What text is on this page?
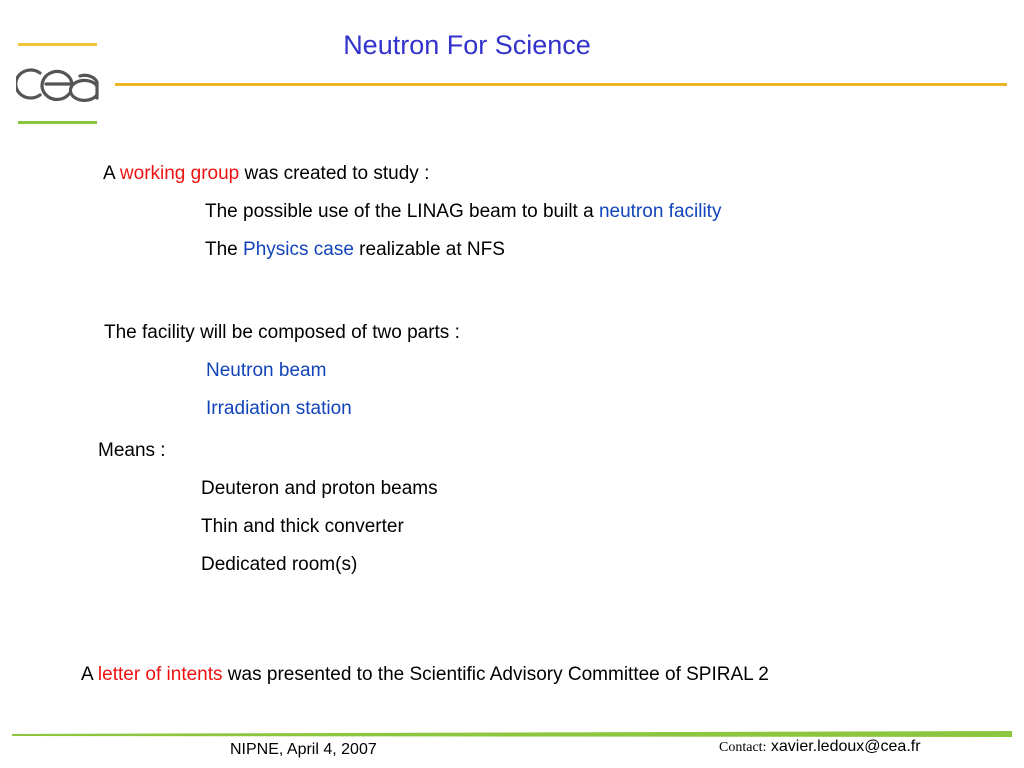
Neutron For Science
A working group was created to study :
The possible use of the LINAG beam to built a neutron facility
The Physics case realizable at NFS
The facility will be composed of two parts :
Neutron beam
Irradiation station
Means :
Deuteron and proton beams
Thin and thick converter
Dedicated room(s)
A letter of intents was presented to the Scientific Advisory Committee of SPIRAL 2
NIPNE, April 4, 2007	Contact: xavier.ledoux@cea.fr
